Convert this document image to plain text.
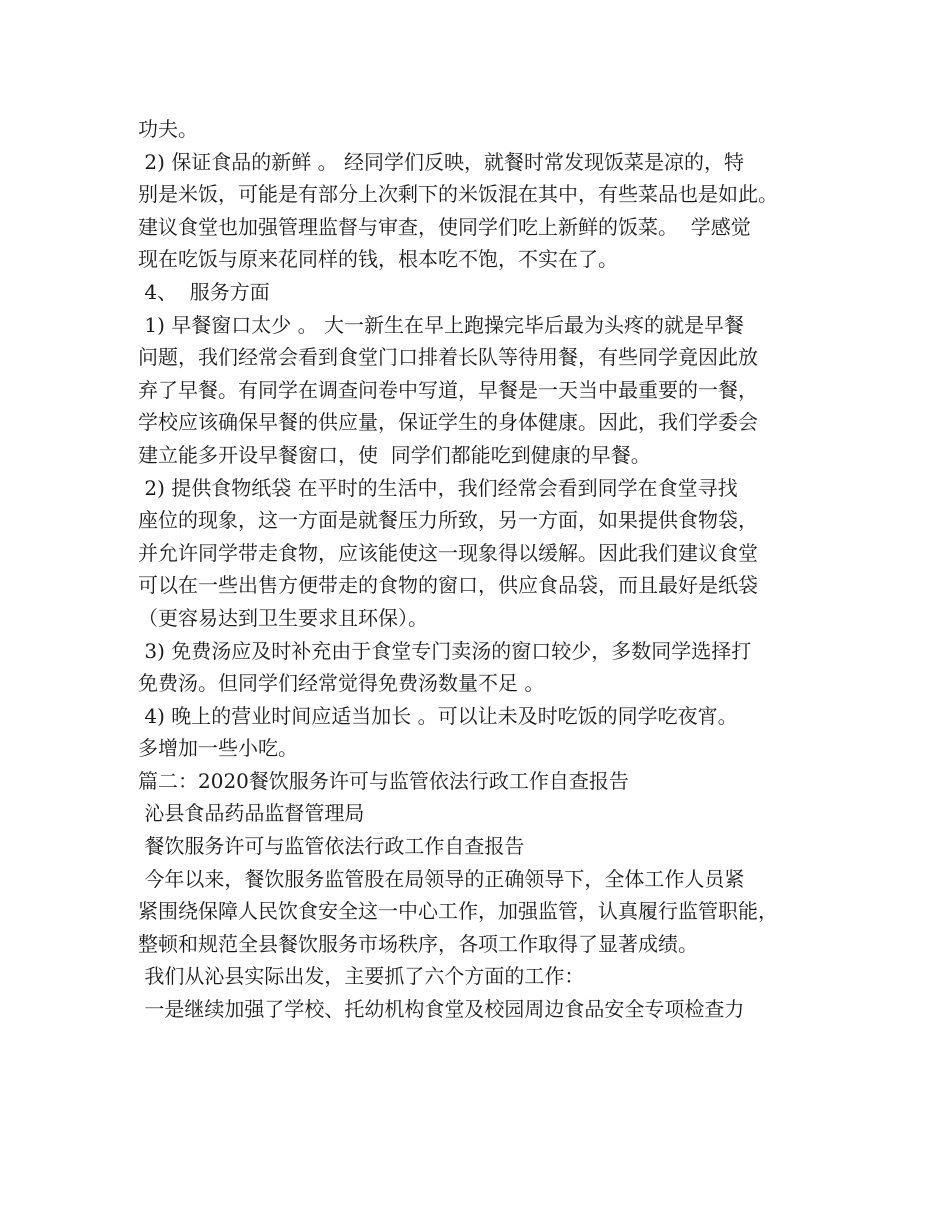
功夫。
2) 保证食品的新鲜 。 经同学们反映，就餐时常发现饭菜是凉的，特
别是米饭，可能是有部分上次剩下的米饭混在其中，有些菜品也是如此。
建议食堂也加强管理监督与审查，使同学们吃上新鲜的饭菜。  学感觉
现在吃饭与原来花同样的钱，根本吃不饱，不实在了。
4、  服务方面
1) 早餐窗口太少 。 大一新生在早上跑操完毕后最为头疼的就是早餐
问题，我们经常会看到食堂门口排着长队等待用餐，有些同学竟因此放
弃了早餐。有同学在调查问卷中写道，早餐是一天当中最重要的一餐，
学校应该确保早餐的供应量，保证学生的身体健康。因此，我们学委会
建立能多开设早餐窗口，使  同学们都能吃到健康的早餐。
2) 提供食物纸袋 在平时的生活中，我们经常会看到同学在食堂寻找
座位的现象，这一方面是就餐压力所致，另一方面，如果提供食物袋，
并允许同学带走食物，应该能使这一现象得以缓解。因此我们建议食堂
可以在一些出售方便带走的食物的窗口，供应食品袋，而且最好是纸袋
（更容易达到卫生要求且环保）。
3) 免费汤应及时补充由于食堂专门卖汤的窗口较少，多数同学选择打
免费汤。但同学们经常觉得免费汤数量不足 。
4) 晚上的营业时间应适当加长 。可以让未及时吃饭的同学吃夜宵。
多增加一些小吃。
篇二：2020餐饮服务许可与监管依法行政工作自查报告
沁县食品药品监督管理局
餐饮服务许可与监管依法行政工作自查报告
今年以来，餐饮服务监管股在局领导的正确领导下，全体工作人员紧
紧围绕保障人民饮食安全这一中心工作，加强监管，认真履行监管职能，
整顿和规范全县餐饮服务市场秩序，各项工作取得了显著成绩。
我们从沁县实际出发，主要抓了六个方面的工作：
一是继续加强了学校、托幼机构食堂及校园周边食品安全专项检查力
